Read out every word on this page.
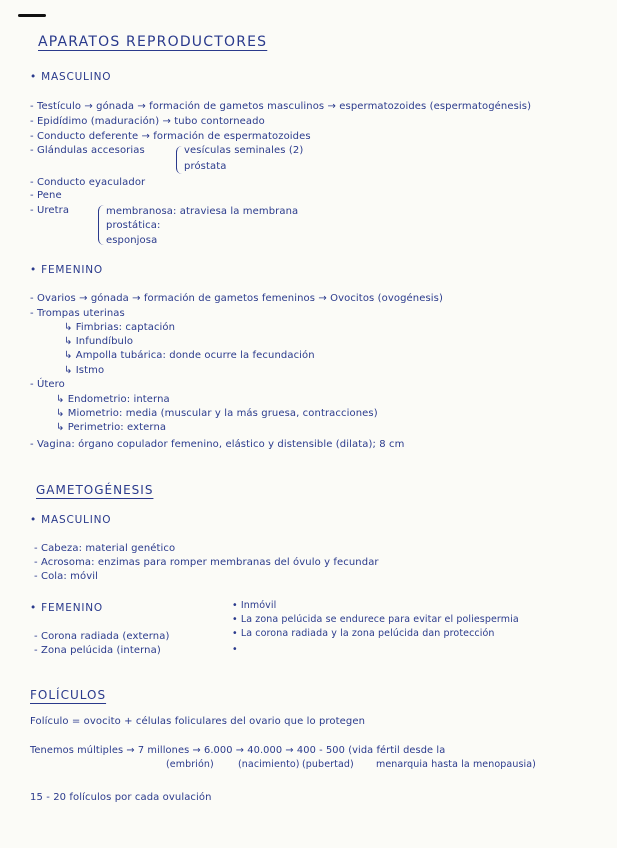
APARATOS REPRODUCTORES
• MASCULINO
- Testículo → gónada → formación de gametos masculinos → espermatozoides (espermatogénesis)
- Epidídimo (maduración) → tubo contorneado
- Conducto deferente → formación de espermatozoides
- Glándulas accesorias	vesículas seminales (2)
próstata
- Conducto eyaculador
- Pene
- Uretra	membranosa: atraviesa la membrana
prostática:
esponjosa
• FEMENINO
- Ovarios → gónada → formación de gametos femeninos → Ovocitos (ovogénesis)
- Trompas uterinas
↳ Fimbrias: captación
↳ Infundíbulo
↳ Ampolla tubárica: donde ocurre la fecundación
↳ Istmo
- Útero
↳ Endometrio: interna
↳ Miometrio: media (muscular y la más gruesa, contracciones)
↳ Perimetrio: externa
- Vagina: órgano copulador femenino, elástico y distensible (dilata); 8 cm
GAMETOGÉNESIS
• MASCULINO
- Cabeza: material genético
- Acrosoma: enzimas para romper membranas del óvulo y fecundar
- Cola: móvil
• FEMENINO
- Corona radiada (externa)
- Zona pelúcida (interna)
• Inmóvil
• La zona pelúcida se endurece para evitar el poliespermia
• La corona radiada y la zona pelúcida dan protección
•
FOLÍCULOS
Folículo = ovocito + células foliculares del ovario que lo protegen
Tenemos múltiples → 7 millones → 6.000 → 40.000 → 400 - 500 (vida fértil desde la
(embrión)	(nacimiento) (pubertad) menarquia hasta la menopausia)
15 - 20 folículos por cada ovulación
